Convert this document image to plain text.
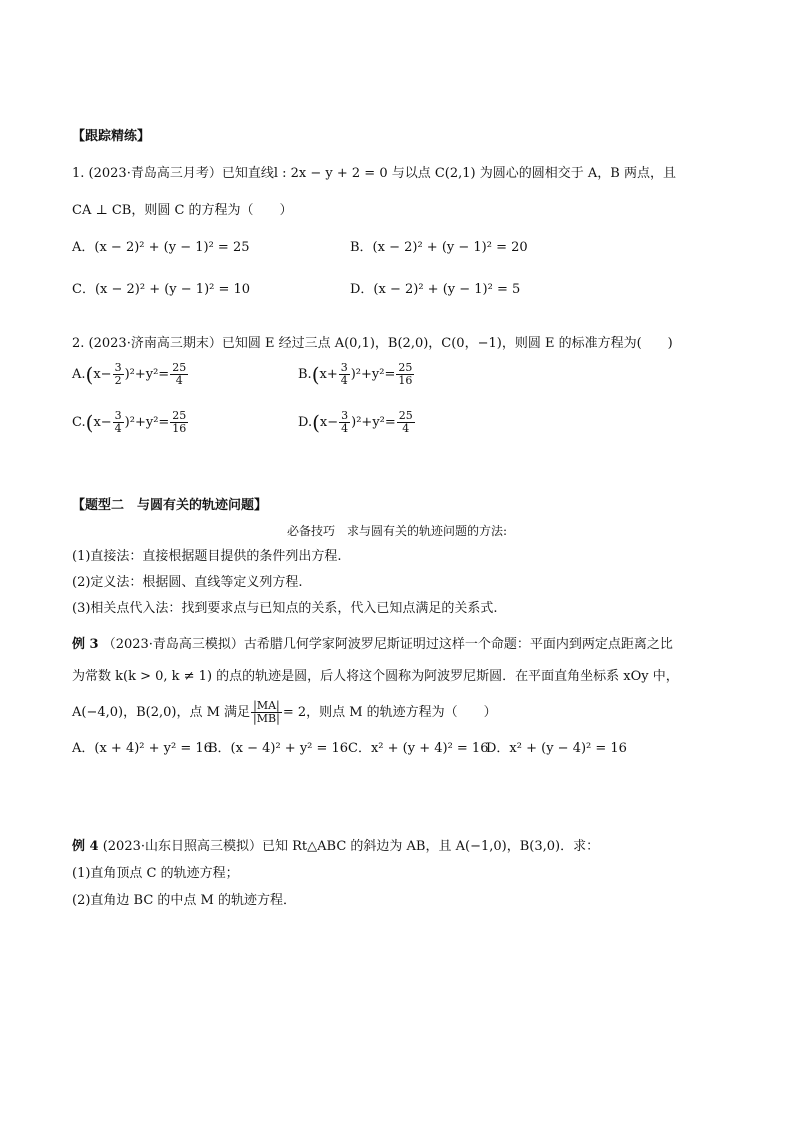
【跟踪精练】
1. (2023·青岛高三月考）已知直线l : 2x − y + 2 = 0 与以点 C(2,1) 为圆心的圆相交于 A，B 两点，且
CA ⊥ CB，则圆 C 的方程为（　　）
A．(x − 2)² + (y − 1)² = 25	B．(x − 2)² + (y − 1)² = 20
C．(x − 2)² + (y − 1)² = 10	D．(x − 2)² + (y − 1)² = 5
2. (2023·济南高三期末）已知圆 E 经过三点 A(0,1)，B(2,0)，C(0，−1)，则圆 E 的标准方程为(　　)
$A.(x- \frac{3}{2} )^2+y^2= \frac{25}{4}$	$B.(x+ \frac{3}{4} )^2+y^2= \frac{25}{16}$
$C.(x- \frac{3}{4} )^2+y^2= \frac{25}{16}$	$D.(x- \frac{3}{4} )^2+y^2= \frac{25}{4}$
【题型二　与圆有关的轨迹问题】
必备技巧　求与圆有关的轨迹问题的方法:
(1)直接法：直接根据题目提供的条件列出方程.
(2)定义法：根据圆、直线等定义列方程.
(3)相关点代入法：找到要求点与已知点的关系，代入已知点满足的关系式.
例 3 （2023·青岛高三模拟）古希腊几何学家阿波罗尼斯证明过这样一个命题：平面内到两定点距离之比
为常数 k(k > 0, k ≠ 1) 的点的轨迹是圆，后人将这个圆称为阿波罗尼斯圆．在平面直角坐标系 xOy 中，
A(−4,0)，B(2,0)，点 M 满足 $\frac{|MA|}{|MB|} = 2$，则点 M 的轨迹方程为（　　）
A．(x + 4)² + y² = 16
B．(x − 4)² + y² = 16 C．x² + (y + 4)² = 16
D．x² + (y − 4)² = 16
例 4 (2023·山东日照高三模拟）已知 Rt△ABC 的斜边为 AB，且 A(−1,0)，B(3,0)．求：
(1)直角顶点 C 的轨迹方程；
(2)直角边 BC 的中点 M 的轨迹方程．
